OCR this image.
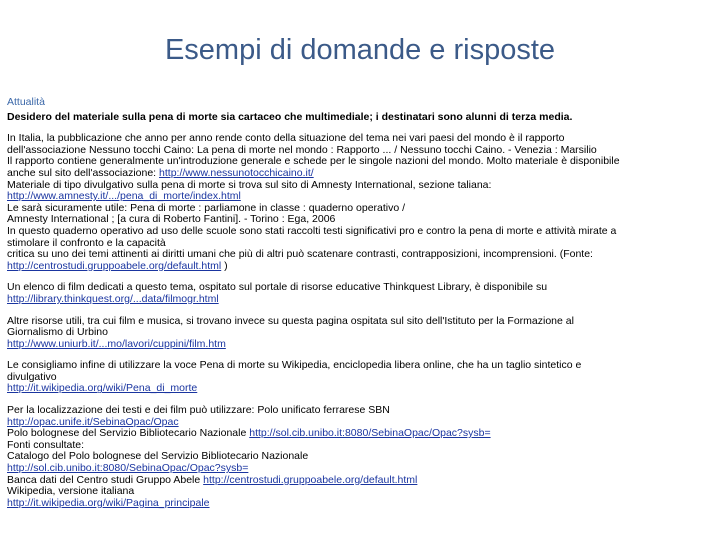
Esempi di domande e risposte
Attualità
Desidero del materiale sulla pena di morte sia cartaceo che multimediale; i destinatari sono alunni di terza media.
In Italia, la pubblicazione che anno per anno rende conto della situazione del tema nei vari paesi del mondo è il rapporto
dell'associazione Nessuno tocchi Caino: La pena di morte nel mondo : Rapporto ... / Nessuno tocchi Caino. - Venezia : Marsilio
Il rapporto contiene generalmente un'introduzione generale e schede per le singole nazioni del mondo. Molto materiale è disponibile
anche sul sito dell'associazione: http://www.nessunotocchicaino.it/
Materiale di tipo divulgativo sulla pena di morte si trova sul sito di Amnesty International, sezione taliana:
http://www.amnesty.it/.../pena_di_morte/index.html
Le sarà sicuramente utile: Pena di morte : parliamone in classe : quaderno operativo /
Amnesty International ; [a cura di Roberto Fantini]. - Torino : Ega, 2006
In questo quaderno operativo ad uso delle scuole sono stati raccolti testi significativi pro e contro la pena di morte e attività mirate a
stimolare il confronto e la capacità
critica su uno dei temi attinenti ai diritti umani che più di altri può scatenare contrasti, contrapposizioni, incomprensioni. (Fonte:
http://centrostudi.gruppoabele.org/default.html )
Un elenco di film dedicati a questo tema, ospitato sul portale di risorse educative Thinkquest Library, è disponibile su
http://library.thinkquest.org/...data/filmogr.html
Altre risorse utili, tra cui film e musica, si trovano invece su questa pagina ospitata sul sito dell'Istituto per la Formazione al
Giornalismo di Urbino
http://www.uniurb.it/...mo/lavori/cuppini/film.htm
Le consigliamo infine di utilizzare la voce Pena di morte su Wikipedia, enciclopedia libera online, che ha un taglio sintetico e
divulgativo
http://it.wikipedia.org/wiki/Pena_di_morte
Per la localizzazione dei testi e dei film può utilizzare: Polo unificato ferrarese SBN
http://opac.unife.it/SebinaOpac/Opac
Polo bolognese del Servizio Bibliotecario Nazionale http://sol.cib.unibo.it:8080/SebinaOpac/Opac?sysb=
Fonti consultate:
Catalogo del Polo bolognese del Servizio Bibliotecario Nazionale
http://sol.cib.unibo.it:8080/SebinaOpac/Opac?sysb=
Banca dati del Centro studi Gruppo Abele http://centrostudi.gruppoabele.org/default.html
Wikipedia, versione italiana
http://it.wikipedia.org/wiki/Pagina_principale
